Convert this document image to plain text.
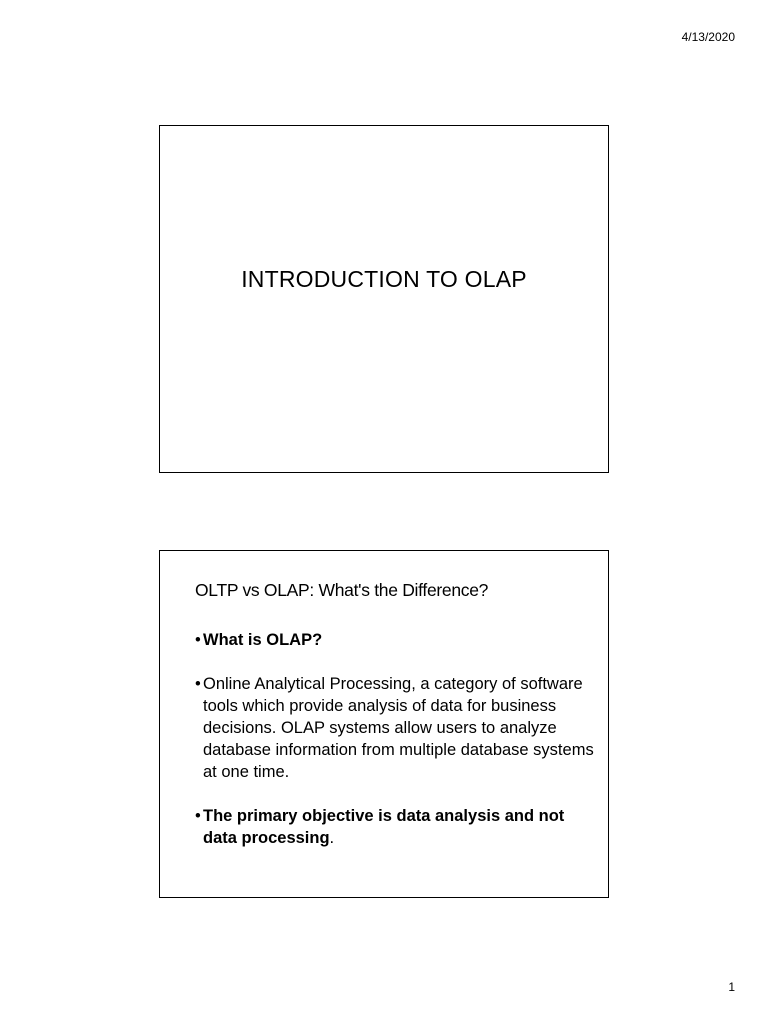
4/13/2020
INTRODUCTION TO OLAP
OLTP vs OLAP: What's the Difference?
• What is OLAP?
• Online Analytical Processing, a category of software tools which provide analysis of data for business decisions. OLAP systems allow users to analyze database information from multiple database systems at one time.
• The primary objective is data analysis and not data processing.
1
